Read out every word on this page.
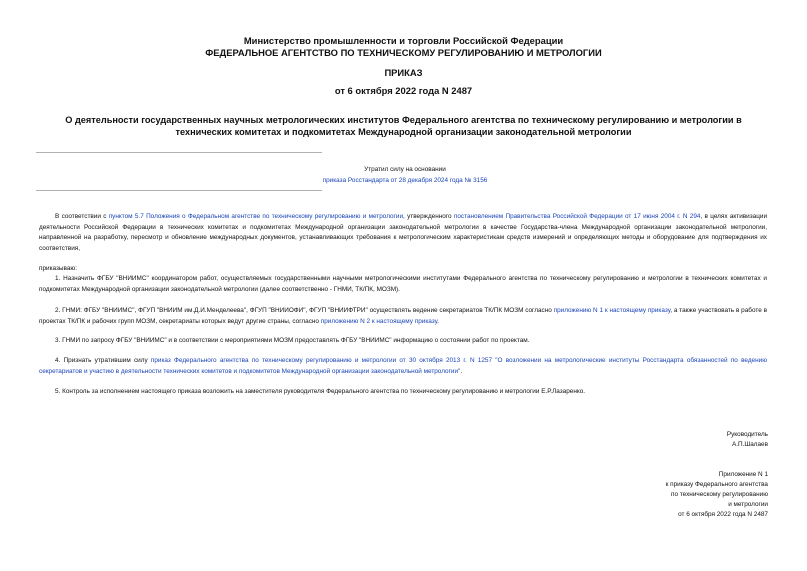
Министерство промышленности и торговли Российской Федерации
ФЕДЕРАЛЬНОЕ АГЕНТСТВО ПО ТЕХНИЧЕСКОМУ РЕГУЛИРОВАНИЮ И МЕТРОЛОГИИ
ПРИКАЗ
от 6 октября 2022 года N 2487
О деятельности государственных научных метрологических институтов Федерального агентства по техническому регулированию и метрологии в технических комитетах и подкомитетах Международной организации законодательной метрологии
Утратил силу на основании
приказа Росстандарта от 28 декабря 2024 года № 3156
В соответствии с пунктом 5.7 Положения о Федеральном агентстве по техническому регулированию и метрологии, утвержденного постановлением Правительства Российской Федерации от 17 июня 2004 г. N 294, в целях активизации деятельности Российской Федерации в технических комитетах и подкомитетах Международной организации законодательной метрологии в качестве Государства-члена Международной организации законодательной метрологии, направленной на разработку, пересмотр и обновление международных документов, устанавливающих требования к метрологическим характеристикам средств измерений и определяющих методы и оборудование для подтверждения их соответствия,
приказываю:
1. Назначить ФГБУ "ВНИИМС" координатором работ, осуществляемых государственными научными метрологическими институтами Федерального агентства по техническому регулированию и метрологии в технических комитетах и подкомитетах Международной организации законодательной метрологии (далее соответственно - ГНМИ, ТК/ПК, МОЗМ).
2. ГНМИ: ФГБУ "ВНИИМС", ФГУП "ВНИИМ им.Д.И.Менделеева", ФГУП "ВНИИОФИ", ФГУП "ВНИИФТРИ" осуществлять ведение секретариатов ТК/ПК МОЗМ согласно приложению N 1 к настоящему приказу, а также участвовать в работе в проектах ТК/ПК и рабочих групп МОЗМ, секретариаты которых ведут другие страны, согласно приложению N 2 к настоящему приказу.
3. ГНМИ по запросу ФГБУ "ВНИИМС" и в соответствии с мероприятиями МОЗМ предоставлять ФГБУ "ВНИИМС" информацию о состоянии работ по проектам.
4. Признать утратившим силу приказ Федерального агентства по техническому регулированию и метрологии от 30 октября 2013 г. N 1257 "О возложении на метрологические институты Росстандарта обязанностей по ведению секретариатов и участию в деятельности технических комитетов и подкомитетов Международной организации законодательной метрологии".
5. Контроль за исполнением настоящего приказа возложить на заместителя руководителя Федерального агентства по техническому регулированию и метрологии Е.Р.Лазаренко.
Руководитель
А.П.Шалаев
Приложение N 1
к приказу Федерального агентства
по техническому регулированию
и метрологии
от 6 октября 2022 года N 2487
